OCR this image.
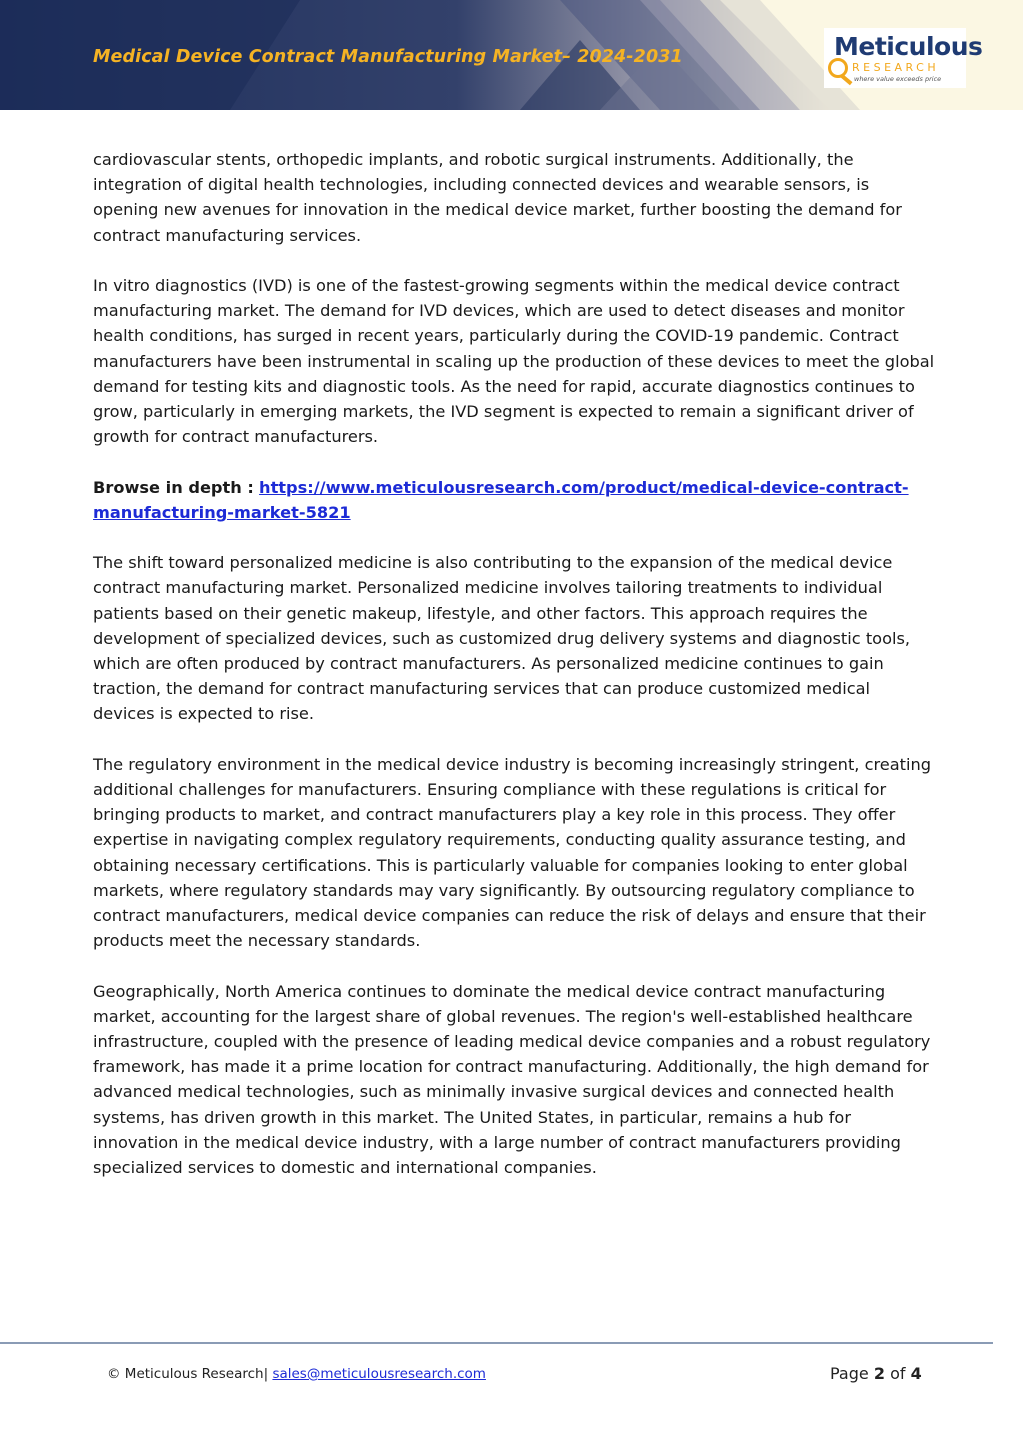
Medical Device Contract Manufacturing Market– 2024-2031	Meticulous
RESEARCH
where value exceeds price

cardiovascular stents, orthopedic implants, and robotic surgical instruments. Additionally, the integration of digital health technologies, including connected devices and wearable sensors, is opening new avenues for innovation in the medical device market, further boosting the demand for contract manufacturing services.

In vitro diagnostics (IVD) is one of the fastest-growing segments within the medical device contract manufacturing market. The demand for IVD devices, which are used to detect diseases and monitor health conditions, has surged in recent years, particularly during the COVID-19 pandemic. Contract manufacturers have been instrumental in scaling up the production of these devices to meet the global demand for testing kits and diagnostic tools. As the need for rapid, accurate diagnostics continues to grow, particularly in emerging markets, the IVD segment is expected to remain a significant driver of growth for contract manufacturers.

Browse in depth : https://www.meticulousresearch.com/product/medical-device-contract-manufacturing-market-5821

The shift toward personalized medicine is also contributing to the expansion of the medical device contract manufacturing market. Personalized medicine involves tailoring treatments to individual patients based on their genetic makeup, lifestyle, and other factors. This approach requires the development of specialized devices, such as customized drug delivery systems and diagnostic tools, which are often produced by contract manufacturers. As personalized medicine continues to gain traction, the demand for contract manufacturing services that can produce customized medical devices is expected to rise.

The regulatory environment in the medical device industry is becoming increasingly stringent, creating additional challenges for manufacturers. Ensuring compliance with these regulations is critical for bringing products to market, and contract manufacturers play a key role in this process. They offer expertise in navigating complex regulatory requirements, conducting quality assurance testing, and obtaining necessary certifications. This is particularly valuable for companies looking to enter global markets, where regulatory standards may vary significantly. By outsourcing regulatory compliance to contract manufacturers, medical device companies can reduce the risk of delays and ensure that their products meet the necessary standards.

Geographically, North America continues to dominate the medical device contract manufacturing market, accounting for the largest share of global revenues. The region's well-established healthcare infrastructure, coupled with the presence of leading medical device companies and a robust regulatory framework, has made it a prime location for contract manufacturing. Additionally, the high demand for advanced medical technologies, such as minimally invasive surgical devices and connected health systems, has driven growth in this market. The United States, in particular, remains a hub for innovation in the medical device industry, with a large number of contract manufacturers providing specialized services to domestic and international companies.

© Meticulous Research| sales@meticulousresearch.com	Page 2 of 4
